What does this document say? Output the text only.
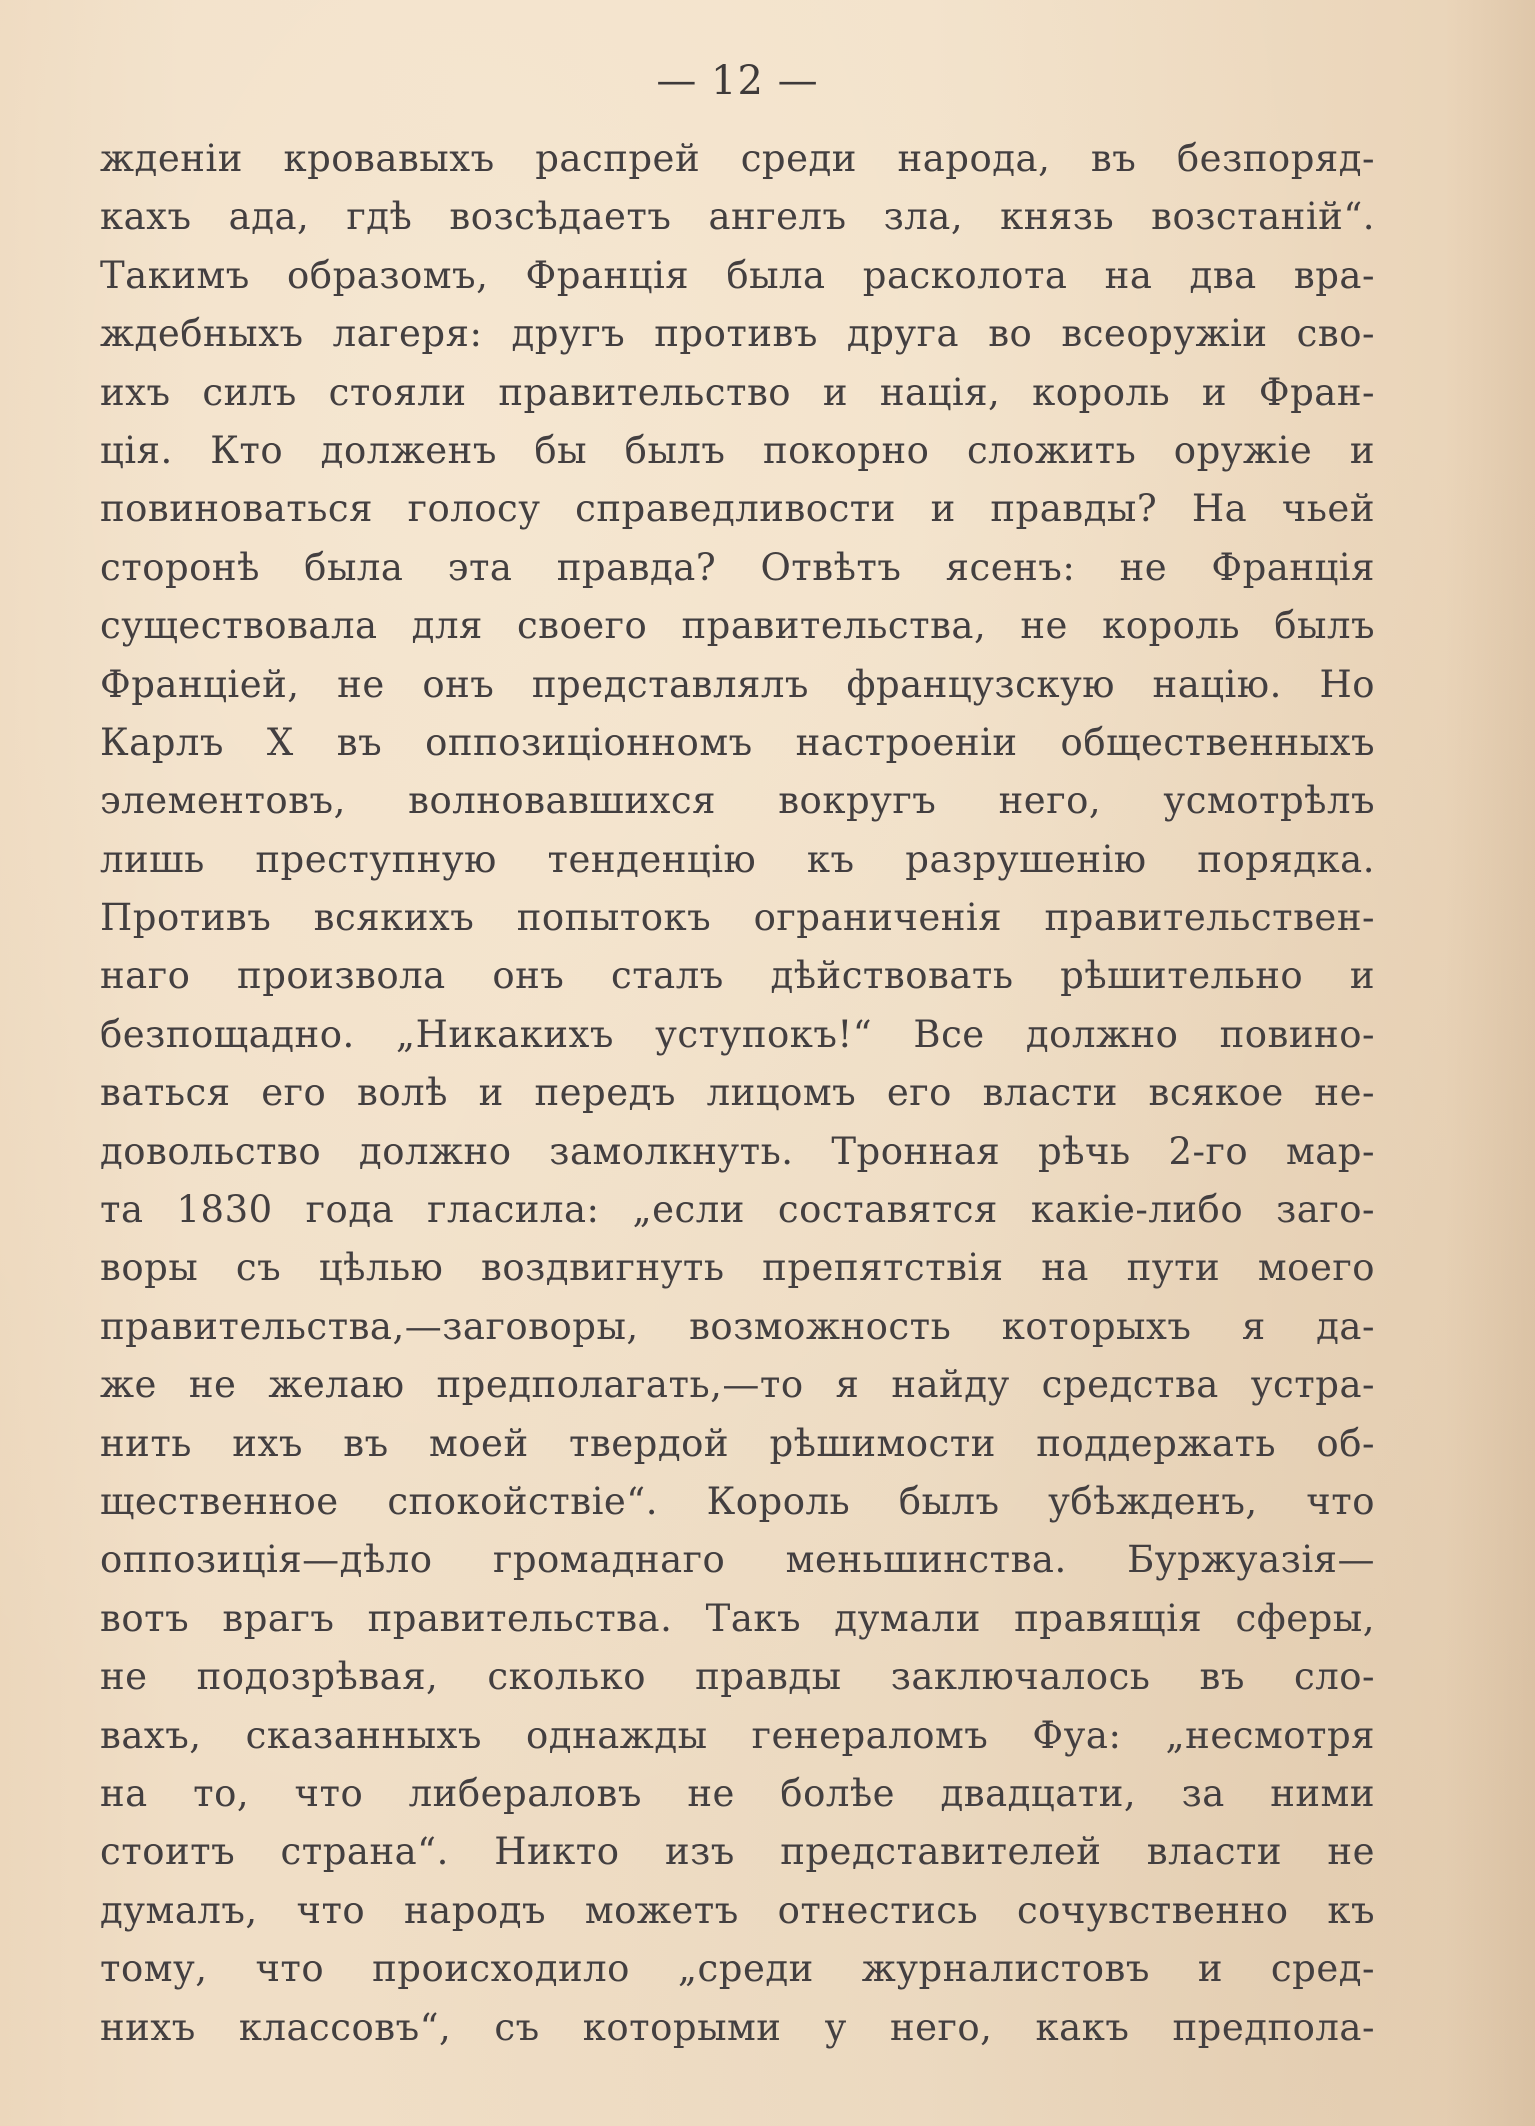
— 12 —
жденіи кровавыхъ распрей среди народа, въ безпоряд-
кахъ ада, гдѣ возсѣдаетъ ангелъ зла, князь возстаній“.
Такимъ образомъ, Франція была расколота на два вра-
ждебныхъ лагеря: другъ противъ друга во всеоружіи сво-
ихъ силъ стояли правительство и нація, король и Фран-
ція. Кто долженъ бы былъ покорно сложить оружіе и
повиноваться голосу справедливости и правды? На чьей
сторонѣ была эта правда? Отвѣтъ ясенъ: не Франція
существовала для своего правительства, не король былъ
Франціей, не онъ представлялъ французскую націю. Но
Карлъ X въ оппозиціонномъ настроеніи общественныхъ
элементовъ, волновавшихся вокругъ него, усмотрѣлъ
лишь преступную тенденцію къ разрушенію порядка.
Противъ всякихъ попытокъ ограниченія правительствен-
наго произвола онъ сталъ дѣйствовать рѣшительно и
безпощадно. „Никакихъ уступокъ!“ Все должно повино-
ваться его волѣ и передъ лицомъ его власти всякое не-
довольство должно замолкнуть. Тронная рѣчь 2-го мар-
та 1830 года гласила: „если составятся какіе-либо заго-
воры съ цѣлью воздвигнуть препятствія на пути моего
правительства,—заговоры, возможность которыхъ я да-
же не желаю предполагать,—то я найду средства устра-
нить ихъ въ моей твердой рѣшимости поддержать об-
щественное спокойствіе“. Король былъ убѣжденъ, что
оппозиція—дѣло громаднаго меньшинства. Буржуазія—
вотъ врагъ правительства. Такъ думали правящія сферы,
не подозрѣвая, сколько правды заключалось въ сло-
вахъ, сказанныхъ однажды генераломъ Фуа: „несмотря
на то, что либераловъ не болѣе двадцати, за ними
стоитъ страна“. Никто изъ представителей власти не
думалъ, что народъ можетъ отнестись сочувственно къ
тому, что происходило „среди журналистовъ и сред-
нихъ классовъ“, съ которыми у него, какъ предпола-
